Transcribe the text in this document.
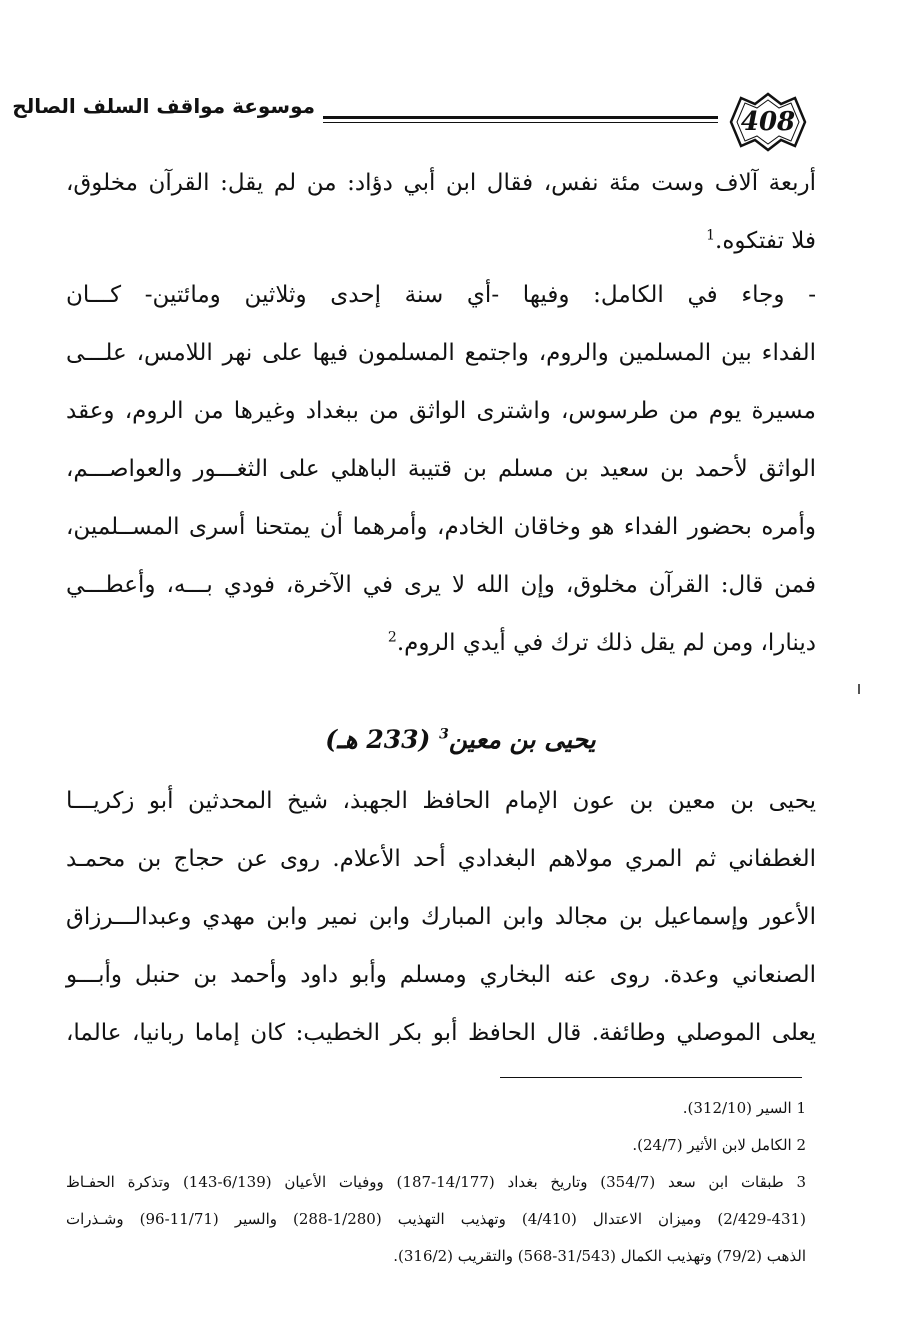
موسوعة مواقف السلف الصالح
408
أربعة آلاف وست مئة نفس، فقال ابن أبي دؤاد: من لم يقل: القرآن مخلوق،
فلا تفتكوه.$^1$
- وجاء في الكامل: وفيها -أي سنة إحدى وثلاثين ومائتين- كـــان
الفداء بين المسلمين والروم، واجتمع المسلمون فيها على نهر اللامس، علـــى
مسيرة يوم من طرسوس، واشترى الواثق من ببغداد وغيرها من الروم، وعقد
الواثق لأحمد بن سعيد بن مسلم بن قتيبة الباهلي على الثغـــور والعواصـــم،
وأمره بحضور الفداء هو وخاقان الخادم، وأمرهما أن يمتحنا أسرى المســلمين،
فمن قال: القرآن مخلوق، وإن الله لا يرى في الآخرة، فودي بـــه، وأعطـــي
دينارا، ومن لم يقل ذلك ترك في أيدي الروم.$^2$
يحيى بن معين$^3$ (233 هـ)
يحيى بن معين بن عون الإمام الحافظ الجهبذ، شيخ المحدثين أبو زكريـــا
الغطفاني ثم المري مولاهم البغدادي أحد الأعلام. روى عن حجاج بن محمـد
الأعور وإسماعيل بن مجالد وابن المبارك وابن نمير وابن مهدي وعبدالـــرزاق
الصنعاني وعدة. روى عنه البخاري ومسلم وأبو داود وأحمد بن حنبل وأبـــو
يعلى الموصلي وطائفة. قال الحافظ أبو بكر الخطيب: كان إماما ربانيا، عالما،
1 السير (312/10).
2 الكامل لابن الأثير (24/7).
3 طبقات ابن سعد (354/7) وتاريخ بغداد (14/177-187) ووفيات الأعيان (6/139-143) وتذكرة الحفـاظ
(2/429-431) وميزان الاعتدال (4/410) وتهذيب التهذيب (1/280-288) والسير (11/71-96) وشـذرات
الذهب (79/2) وتهذيب الكمال (31/543-568) والتقريب (316/2).
